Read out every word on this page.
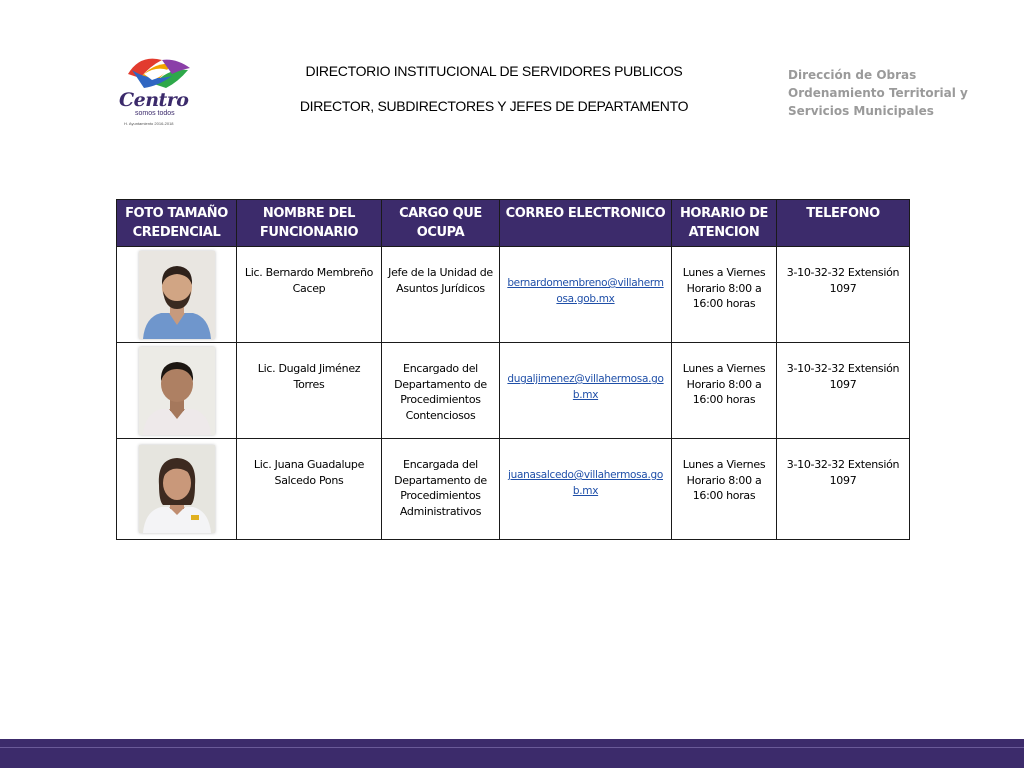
Centro
somos todos
H. Ayuntamiento 2016-2018
DIRECTORIO INSTITUCIONAL DE SERVIDORES PUBLICOS
DIRECTOR, SUBDIRECTORES Y JEFES DE DEPARTAMENTO
Dirección de Obras
Ordenamiento Territorial y
Servicios Municipales
FOTO TAMAÑO CREDENCIAL	NOMBRE DEL FUNCIONARIO	CARGO QUE OCUPA	CORREO ELECTRONICO	HORARIO DE ATENCION	TELEFONO

	Lic. Bernardo Membreño Cacep	Jefe de la Unidad de Asuntos Jurídicos	bernardomembreno@villahermosa.gob.mx	Lunes a Viernes Horario 8:00 a 16:00 horas	3-10-32-32 Extensión 1097

	Lic. Dugald Jiménez Torres	Encargado del Departamento de Procedimientos Contenciosos	dugaljimenez@villahermosa.gob.mx	Lunes a Viernes Horario 8:00 a 16:00 horas	3-10-32-32 Extensión 1097

	Lic. Juana Guadalupe Salcedo Pons	Encargada del Departamento de Procedimientos Administrativos	juanasalcedo@villahermosa.gob.mx	Lunes a Viernes Horario 8:00 a 16:00 horas	3-10-32-32 Extensión 1097
